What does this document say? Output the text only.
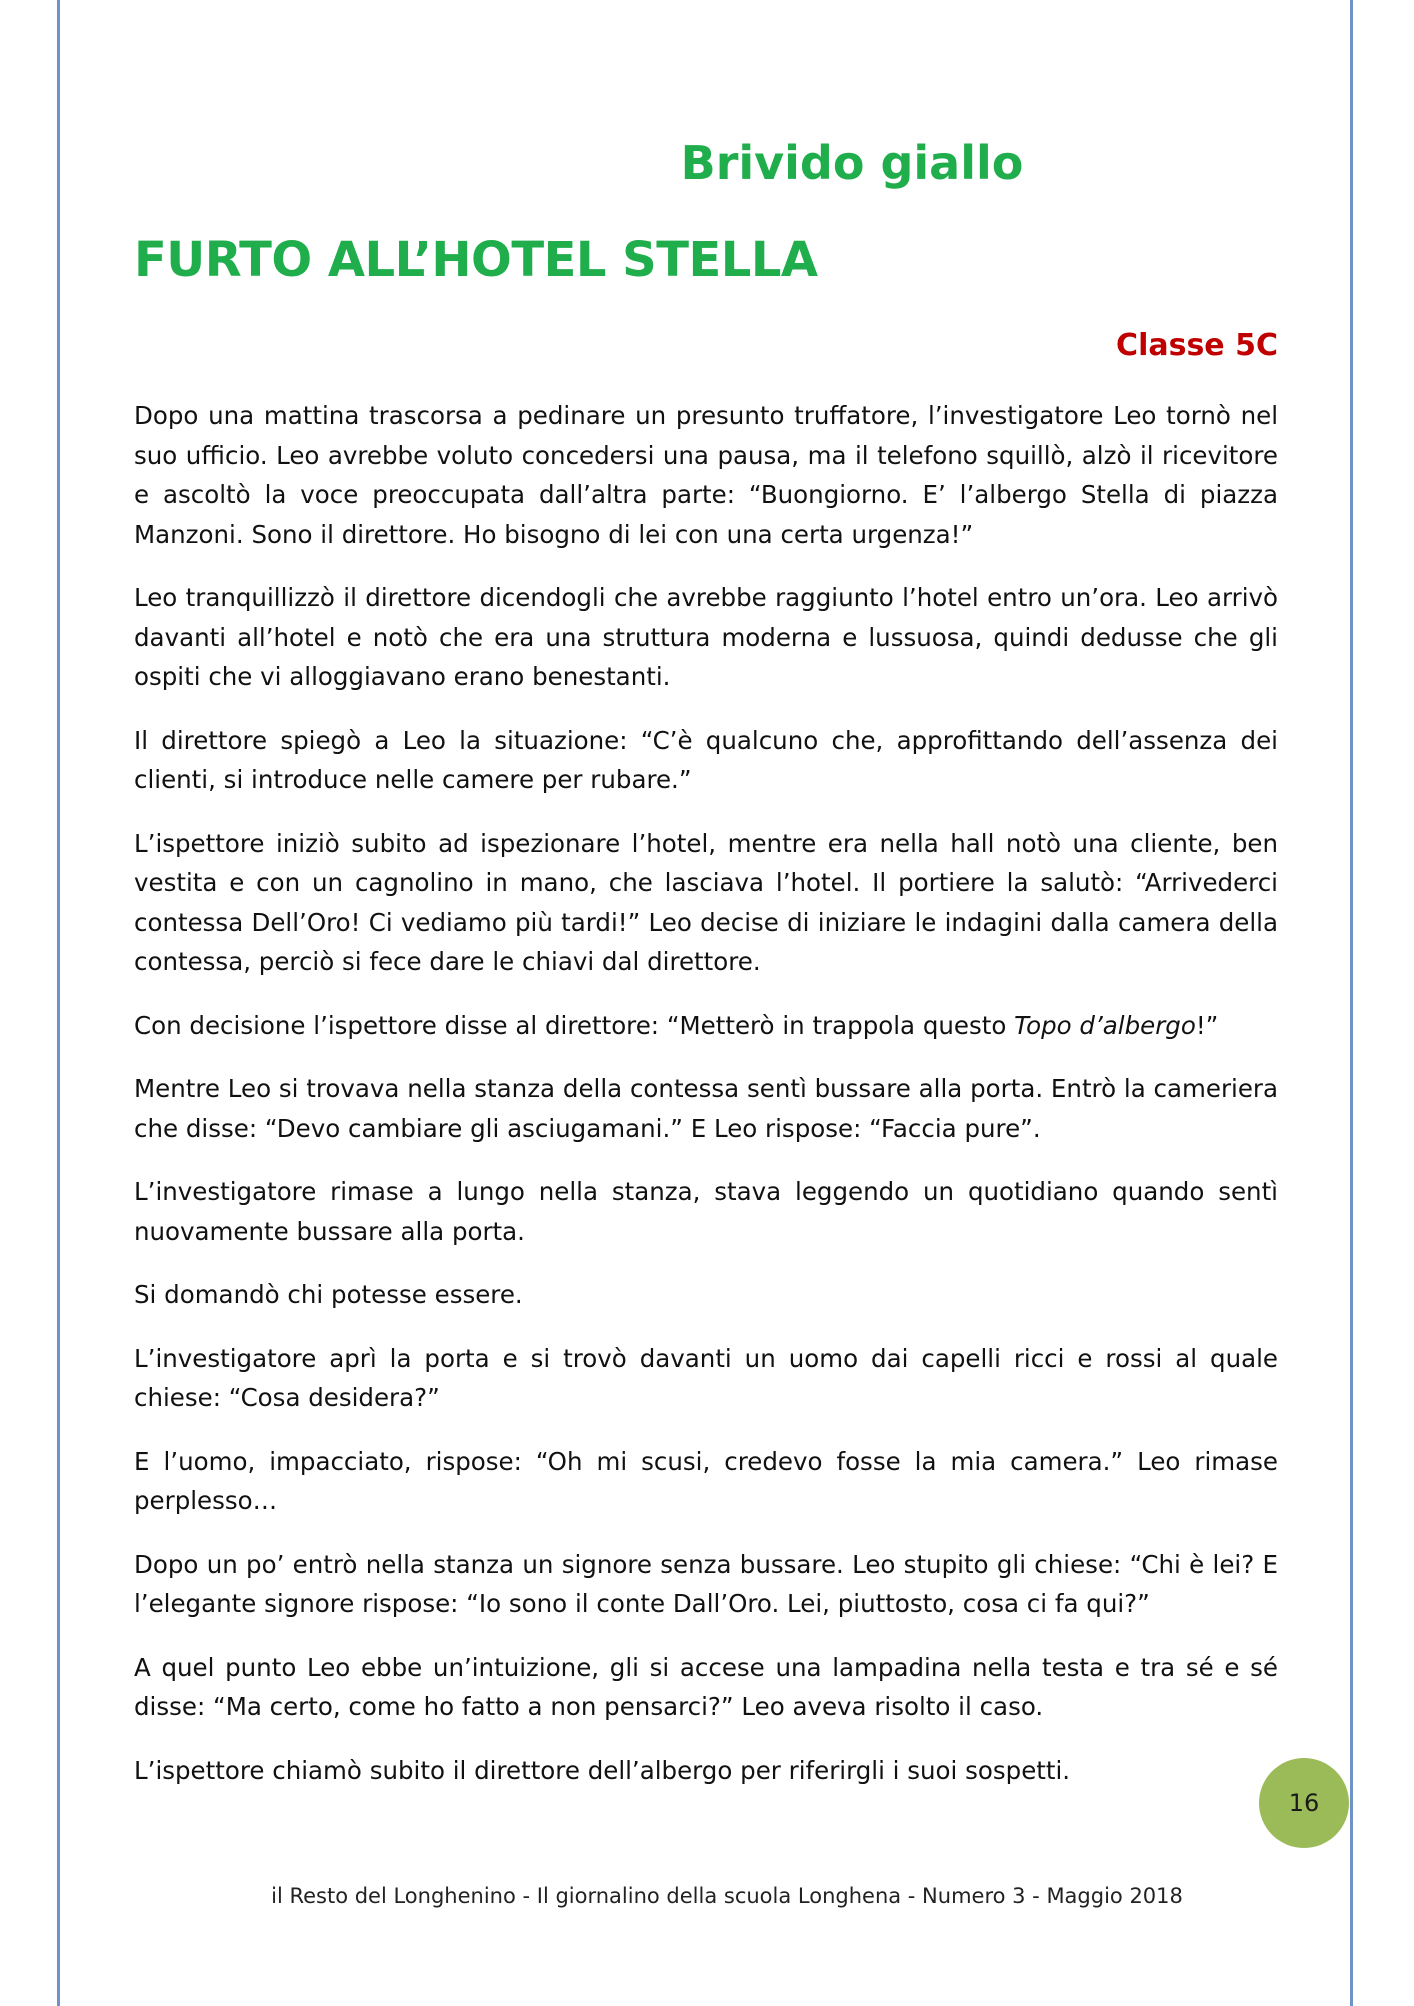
Brivido giallo
FURTO ALL’HOTEL STELLA
Classe 5C

Dopo una mattina trascorsa a pedinare un presunto truffatore, l’investigatore Leo tornò nel suo ufficio. Leo avrebbe voluto concedersi una pausa, ma il telefono squillò, alzò il ricevitore e ascoltò la voce preoccupata dall’altra parte: “Buongiorno. E’ l’albergo Stella di piazza Manzoni. Sono il direttore. Ho bisogno di lei con una certa urgenza!”

Leo tranquillizzò il direttore dicendogli che avrebbe raggiunto l’hotel entro un’ora. Leo arrivò davanti all’hotel e notò che era una struttura moderna e lussuosa, quindi dedusse che gli ospiti che vi alloggiavano erano benestanti.

Il direttore spiegò a Leo la situazione: “C’è qualcuno che, approfittando dell’assenza dei clienti, si introduce nelle camere per rubare.”

L’ispettore iniziò subito ad ispezionare l’hotel, mentre era nella hall notò una cliente, ben vestita e con un cagnolino in mano, che lasciava l’hotel. Il portiere la salutò: “Arrivederci contessa Dell’Oro! Ci vediamo più tardi!” Leo decise di iniziare le indagini dalla camera della contessa, perciò si fece dare le chiavi dal direttore.

Con decisione l’ispettore disse al direttore: “Metterò in trappola questo Topo d’albergo!”

Mentre Leo si trovava nella stanza della contessa sentì bussare alla porta. Entrò la cameriera che disse: “Devo cambiare gli asciugamani.” E Leo rispose: “Faccia pure”.

L’investigatore rimase a lungo nella stanza, stava leggendo un quotidiano quando sentì nuovamente bussare alla porta.

Si domandò chi potesse essere.

L’investigatore aprì la porta e si trovò davanti un uomo dai capelli ricci e rossi al quale chiese: “Cosa desidera?”

E l’uomo, impacciato, rispose: “Oh mi scusi, credevo fosse la mia camera.” Leo rimase perplesso…

Dopo un po’ entrò nella stanza un signore senza bussare. Leo stupito gli chiese: “Chi è lei? E l’elegante signore rispose: “Io sono il conte Dall’Oro. Lei, piuttosto, cosa ci fa qui?”

A quel punto Leo ebbe un’intuizione, gli si accese una lampadina nella testa e tra sé e sé disse: “Ma certo, come ho fatto a non pensarci?” Leo aveva risolto il caso.

L’ispettore chiamò subito il direttore dell’albergo per riferirgli i suoi sospetti.

16
il Resto del Longhenino - Il giornalino della scuola Longhena - Numero 3 - Maggio 2018
